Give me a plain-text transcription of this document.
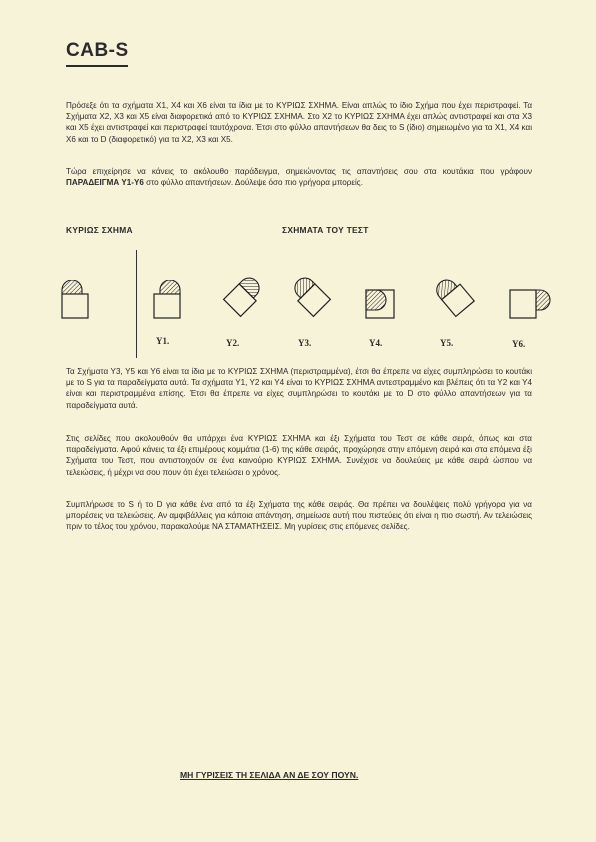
CAB-S

Πρόσεξε ότι τα σχήματα Χ1, Χ4 και Χ6 είναι τα ίδια με το ΚΥΡΙΩΣ ΣΧΗΜΑ. Είναι απλώς το ίδιο Σχήμα που έχει περιστραφεί. Τα Σχήματα Χ2, Χ3 και Χ5 είναι διαφορετικά από το ΚΥΡΙΩΣ ΣΧΗΜΑ. Στο Χ2 το ΚΥΡΙΩΣ ΣΧΗΜΑ έχει απλώς αντιστραφεί και στα Χ3 και Χ5 έχει αντιστραφεί και περιστραφεί ταυτόχρονα. Έτσι στο φύλλο απαντήσεων θα δεις το S (ίδιο) σημειωμένο για τα Χ1, Χ4 και Χ6 και το D (διαφορετικό) για τα Χ2, Χ3 και Χ5.

Τώρα επιχείρησε να κάνεις το ακόλουθο παράδειγμα, σημειώνοντας τις απαντήσεις σου στα κουτάκια που γράφουν ΠΑΡΑΔΕΙΓΜΑ Υ1-Υ6 στο φύλλο απαντήσεων. Δούλεψε όσο πιο γρήγορα μπορείς.

ΚΥΡΙΩΣ ΣΧΗΜΑ	ΣΧΗΜΑΤΑ ΤΟΥ ΤΕΣΤ
Y1.	Y2.	Y3.	Y4.	Y5.	Y6.

Τα Σχήματα Υ3, Υ5 και Υ6 είναι τα ίδια με το ΚΥΡΙΩΣ ΣΧΗΜΑ (περιστραμμένα), έτσι θα έπρεπε να είχες συμπληρώσει το κουτάκι με το S για τα παραδείγματα αυτά. Τα σχήματα Υ1, Υ2 και Υ4 είναι το ΚΥΡΙΩΣ ΣΧΗΜΑ αντεστραμμένο και βλέπεις ότι τα Υ2 και Υ4 είναι και περιστραμμένα επίσης. Έτσι θα έπρεπε να είχες συμπληρώσει το κουτάκι με το D στο φύλλο απαντήσεων για τα παραδείγματα αυτά.

Στις σελίδες που ακολουθούν θα υπάρχει ένα ΚΥΡΙΩΣ ΣΧΗΜΑ και έξι Σχήματα του Τεστ σε κάθε σειρά, όπως και στα παραδείγματα. Αφού κάνεις τα έξι επιμέρους κομμάτια (1-6) της κάθε σειράς, προχώρησε στην επόμενη σειρά και στα επόμενα έξι Σχήματα του Τεστ, που αντιστοιχούν σε ένα καινούριο ΚΥΡΙΩΣ ΣΧΗΜΑ. Συνέχισε να δουλεύεις με κάθε σειρά ώσπου να τελειώσεις, ή μέχρι να σου πουν ότι έχει τελειώσει ο χρόνος.

Συμπλήρωσε το S ή το D για κάθε ένα από τα έξι Σχήματα της κάθε σειράς. Θα πρέπει να δουλέψεις πολύ γρήγορα για να μπορέσεις να τελειώσεις. Αν αμφιβάλλεις για κάποια απάντηση, σημείωσε αυτή που πιστεύεις ότι είναι η πιο σωστή. Αν τελειώσεις πριν το τέλος του χρόνου, παρακαλούμε ΝΑ ΣΤΑΜΑΤΗΣΕΙΣ. Μη γυρίσεις στις επόμενες σελίδες.

ΜΗ ΓΥΡΙΣΕΙΣ ΤΗ ΣΕΛΙΔΑ ΑΝ ΔΕ ΣΟΥ ΠΟΥΝ.
